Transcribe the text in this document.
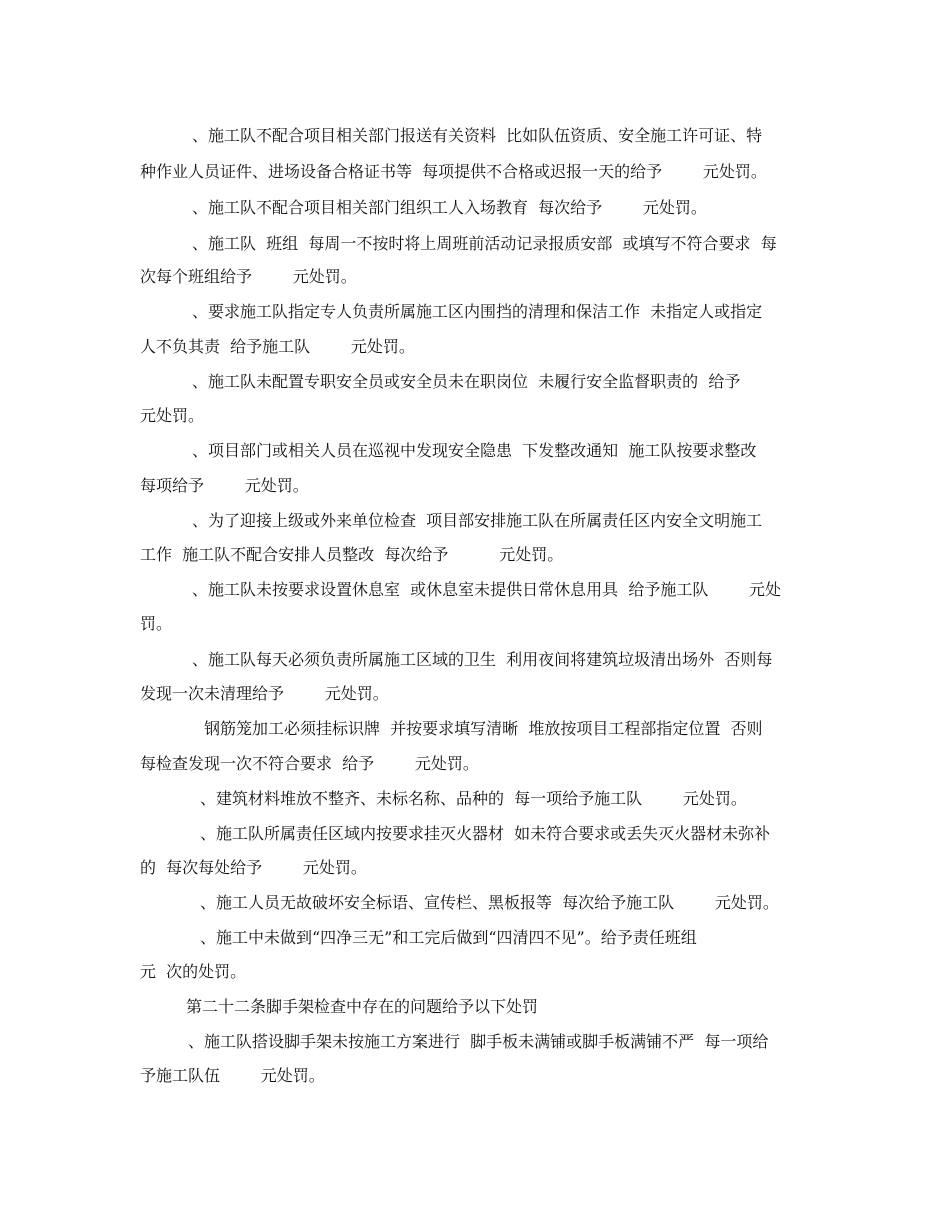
、施工队不配合项目相关部门报送有关资料  比如队伍资质、安全施工许可证、特
种作业人员证件、进场设备合格证书等  每项提供不合格或迟报一天的给予        元处罚。
、施工队不配合项目相关部门组织工人入场教育  每次给予        元处罚。
、施工队  班组  每周一不按时将上周班前活动记录报质安部  或填写不符合要求  每
次每个班组给予        元处罚。
、要求施工队指定专人负责所属施工区内围挡的清理和保洁工作  未指定人或指定
人不负其责  给予施工队        元处罚。
、施工队未配置专职安全员或安全员未在职岗位  未履行安全监督职责的  给予
元处罚。
、项目部门或相关人员在巡视中发现安全隐患  下发整改通知  施工队按要求整改
每项给予        元处罚。
、为了迎接上级或外来单位检查  项目部安排施工队在所属责任区内安全文明施工
工作  施工队不配合安排人员整改  每次给予          元处罚。
、施工队未按要求设置休息室  或休息室未提供日常休息用具  给予施工队        元处
罚。
、施工队每天必须负责所属施工区域的卫生  利用夜间将建筑垃圾清出场外  否则每
发现一次未清理给予        元处罚。
钢筋笼加工必须挂标识牌  并按要求填写清晰  堆放按项目工程部指定位置  否则
每检查发现一次不符合要求  给予        元处罚。
、建筑材料堆放不整齐、未标名称、品种的  每一项给予施工队        元处罚。
、施工队所属责任区域内按要求挂灭火器材  如未符合要求或丢失灭火器材未弥补
的  每次每处给予        元处罚。
、施工人员无故破坏安全标语、宣传栏、黑板报等  每次给予施工队        元处罚。
、施工中未做到“四净三无”和工完后做到“四清四不见”。给予责任班组
元  次的处罚。
第二十二条脚手架检查中存在的问题给予以下处罚
、施工队搭设脚手架未按施工方案进行  脚手板未满铺或脚手板满铺不严  每一项给
予施工队伍        元处罚。
